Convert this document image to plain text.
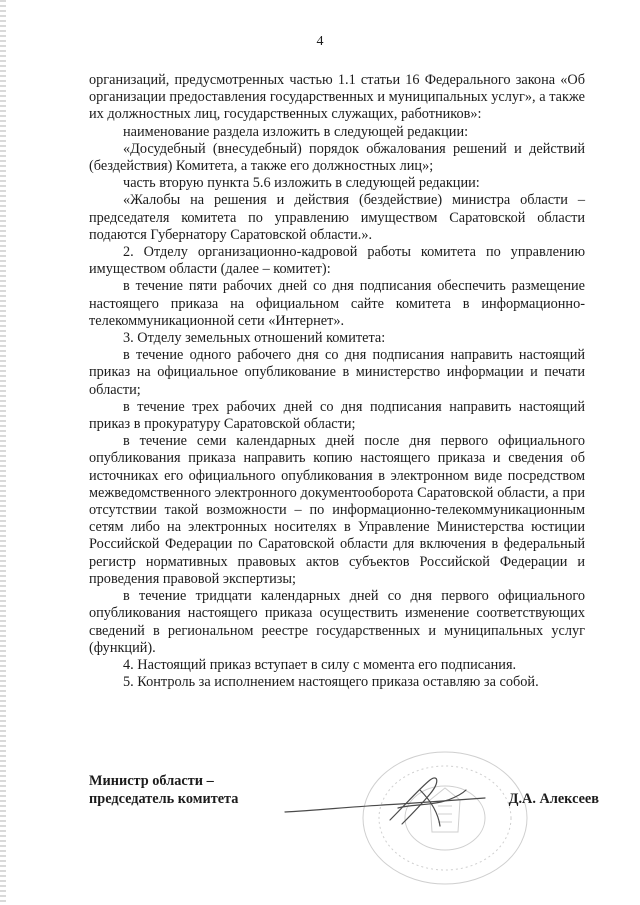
4

организаций, предусмотренных частью 1.1 статьи 16 Федерального закона «Об организации предоставления государственных и муниципальных услуг», а также их должностных лиц, государственных служащих, работников»:

наименование раздела изложить в следующей редакции:

«Досудебный (внесудебный) порядок обжалования решений и действий (бездействия) Комитета, а также его должностных лиц»;

часть вторую пункта 5.6 изложить в следующей редакции:

«Жалобы на решения и действия (бездействие) министра области – председателя комитета по управлению имуществом Саратовской области подаются Губернатору Саратовской области.».

2. Отделу организационно-кадровой работы комитета по управлению имуществом области (далее – комитет):

в течение пяти рабочих дней со дня подписания обеспечить размещение настоящего приказа на официальном сайте комитета в информационно-телекоммуникационной сети «Интернет».

3. Отделу земельных отношений комитета:

в течение одного рабочего дня со дня подписания направить настоящий приказ на официальное опубликование в министерство информации и печати области;

в течение трех рабочих дней со дня подписания направить настоящий приказ в прокуратуру Саратовской области;

в течение семи календарных дней после дня первого официального опубликования приказа направить копию настоящего приказа и сведения об источниках его официального опубликования в электронном виде посредством межведомственного электронного документооборота Саратовской области, а при отсутствии такой возможности – по информационно-телекоммуникационным сетям либо на электронных носителях в Управление Министерства юстиции Российской Федерации по Саратовской области для включения в федеральный регистр нормативных правовых актов субъектов Российской Федерации и проведения правовой экспертизы;

в течение тридцати календарных дней со дня первого официального опубликования настоящего приказа осуществить изменение соответствующих сведений в региональном реестре государственных и муниципальных услуг (функций).

4. Настоящий приказ вступает в силу с момента его подписания.

5. Контроль за исполнением настоящего приказа оставляю за собой.

Министр области –
председатель комитета	Д.А. Алексеев
